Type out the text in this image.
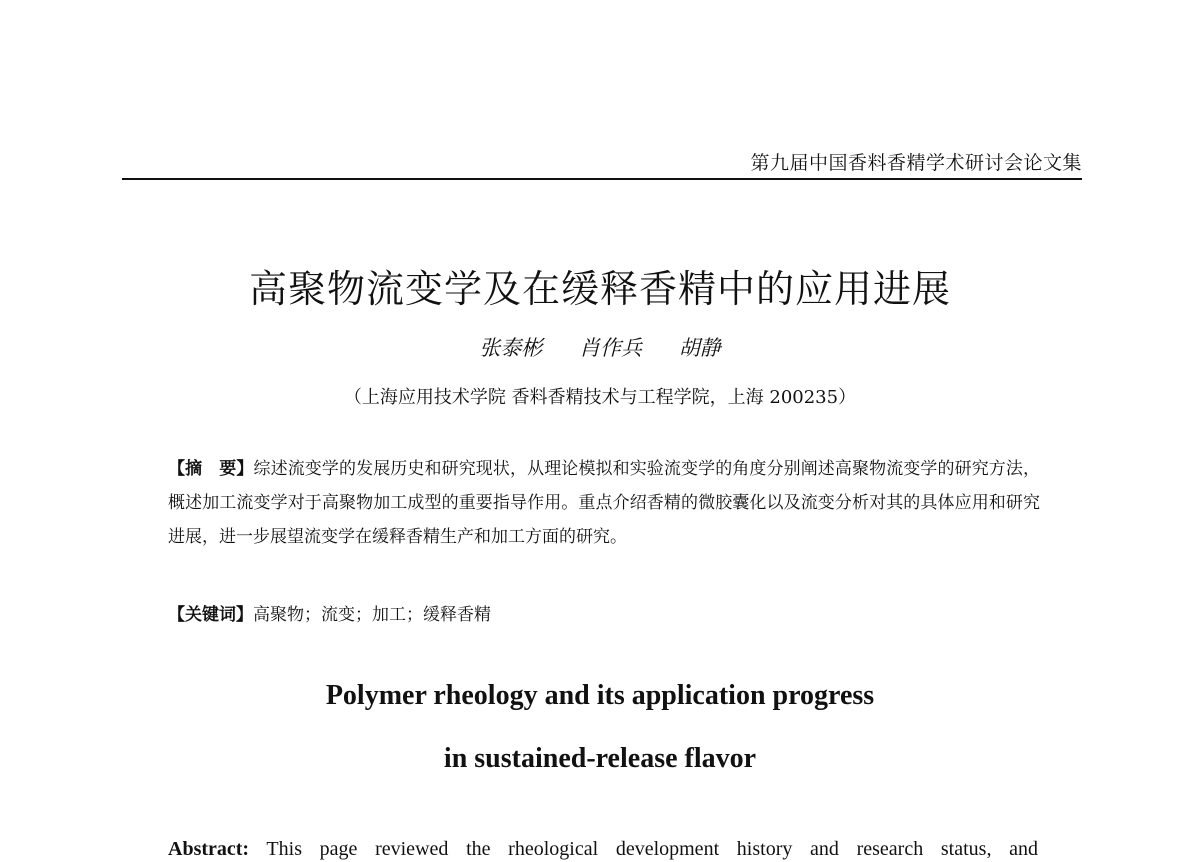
第九届中国香料香精学术研讨会论文集
高聚物流变学及在缓释香精中的应用进展
张泰彬 肖作兵 胡静
（上海应用技术学院 香料香精技术与工程学院，上海 200235）
【摘　要】综述流变学的发展历史和研究现状，从理论模拟和实验流变学的角度分别阐述高聚物流变学的研究方法，概述加工流变学对于高聚物加工成型的重要指导作用。重点介绍香精的微胶囊化以及流变分析对其的具体应用和研究进展，进一步展望流变学在缓释香精生产和加工方面的研究。
【关键词】高聚物；流变；加工；缓释香精
Polymer rheology and its application progress
in sustained-release flavor
Abstract: This page reviewed the rheological development history and research status, and
